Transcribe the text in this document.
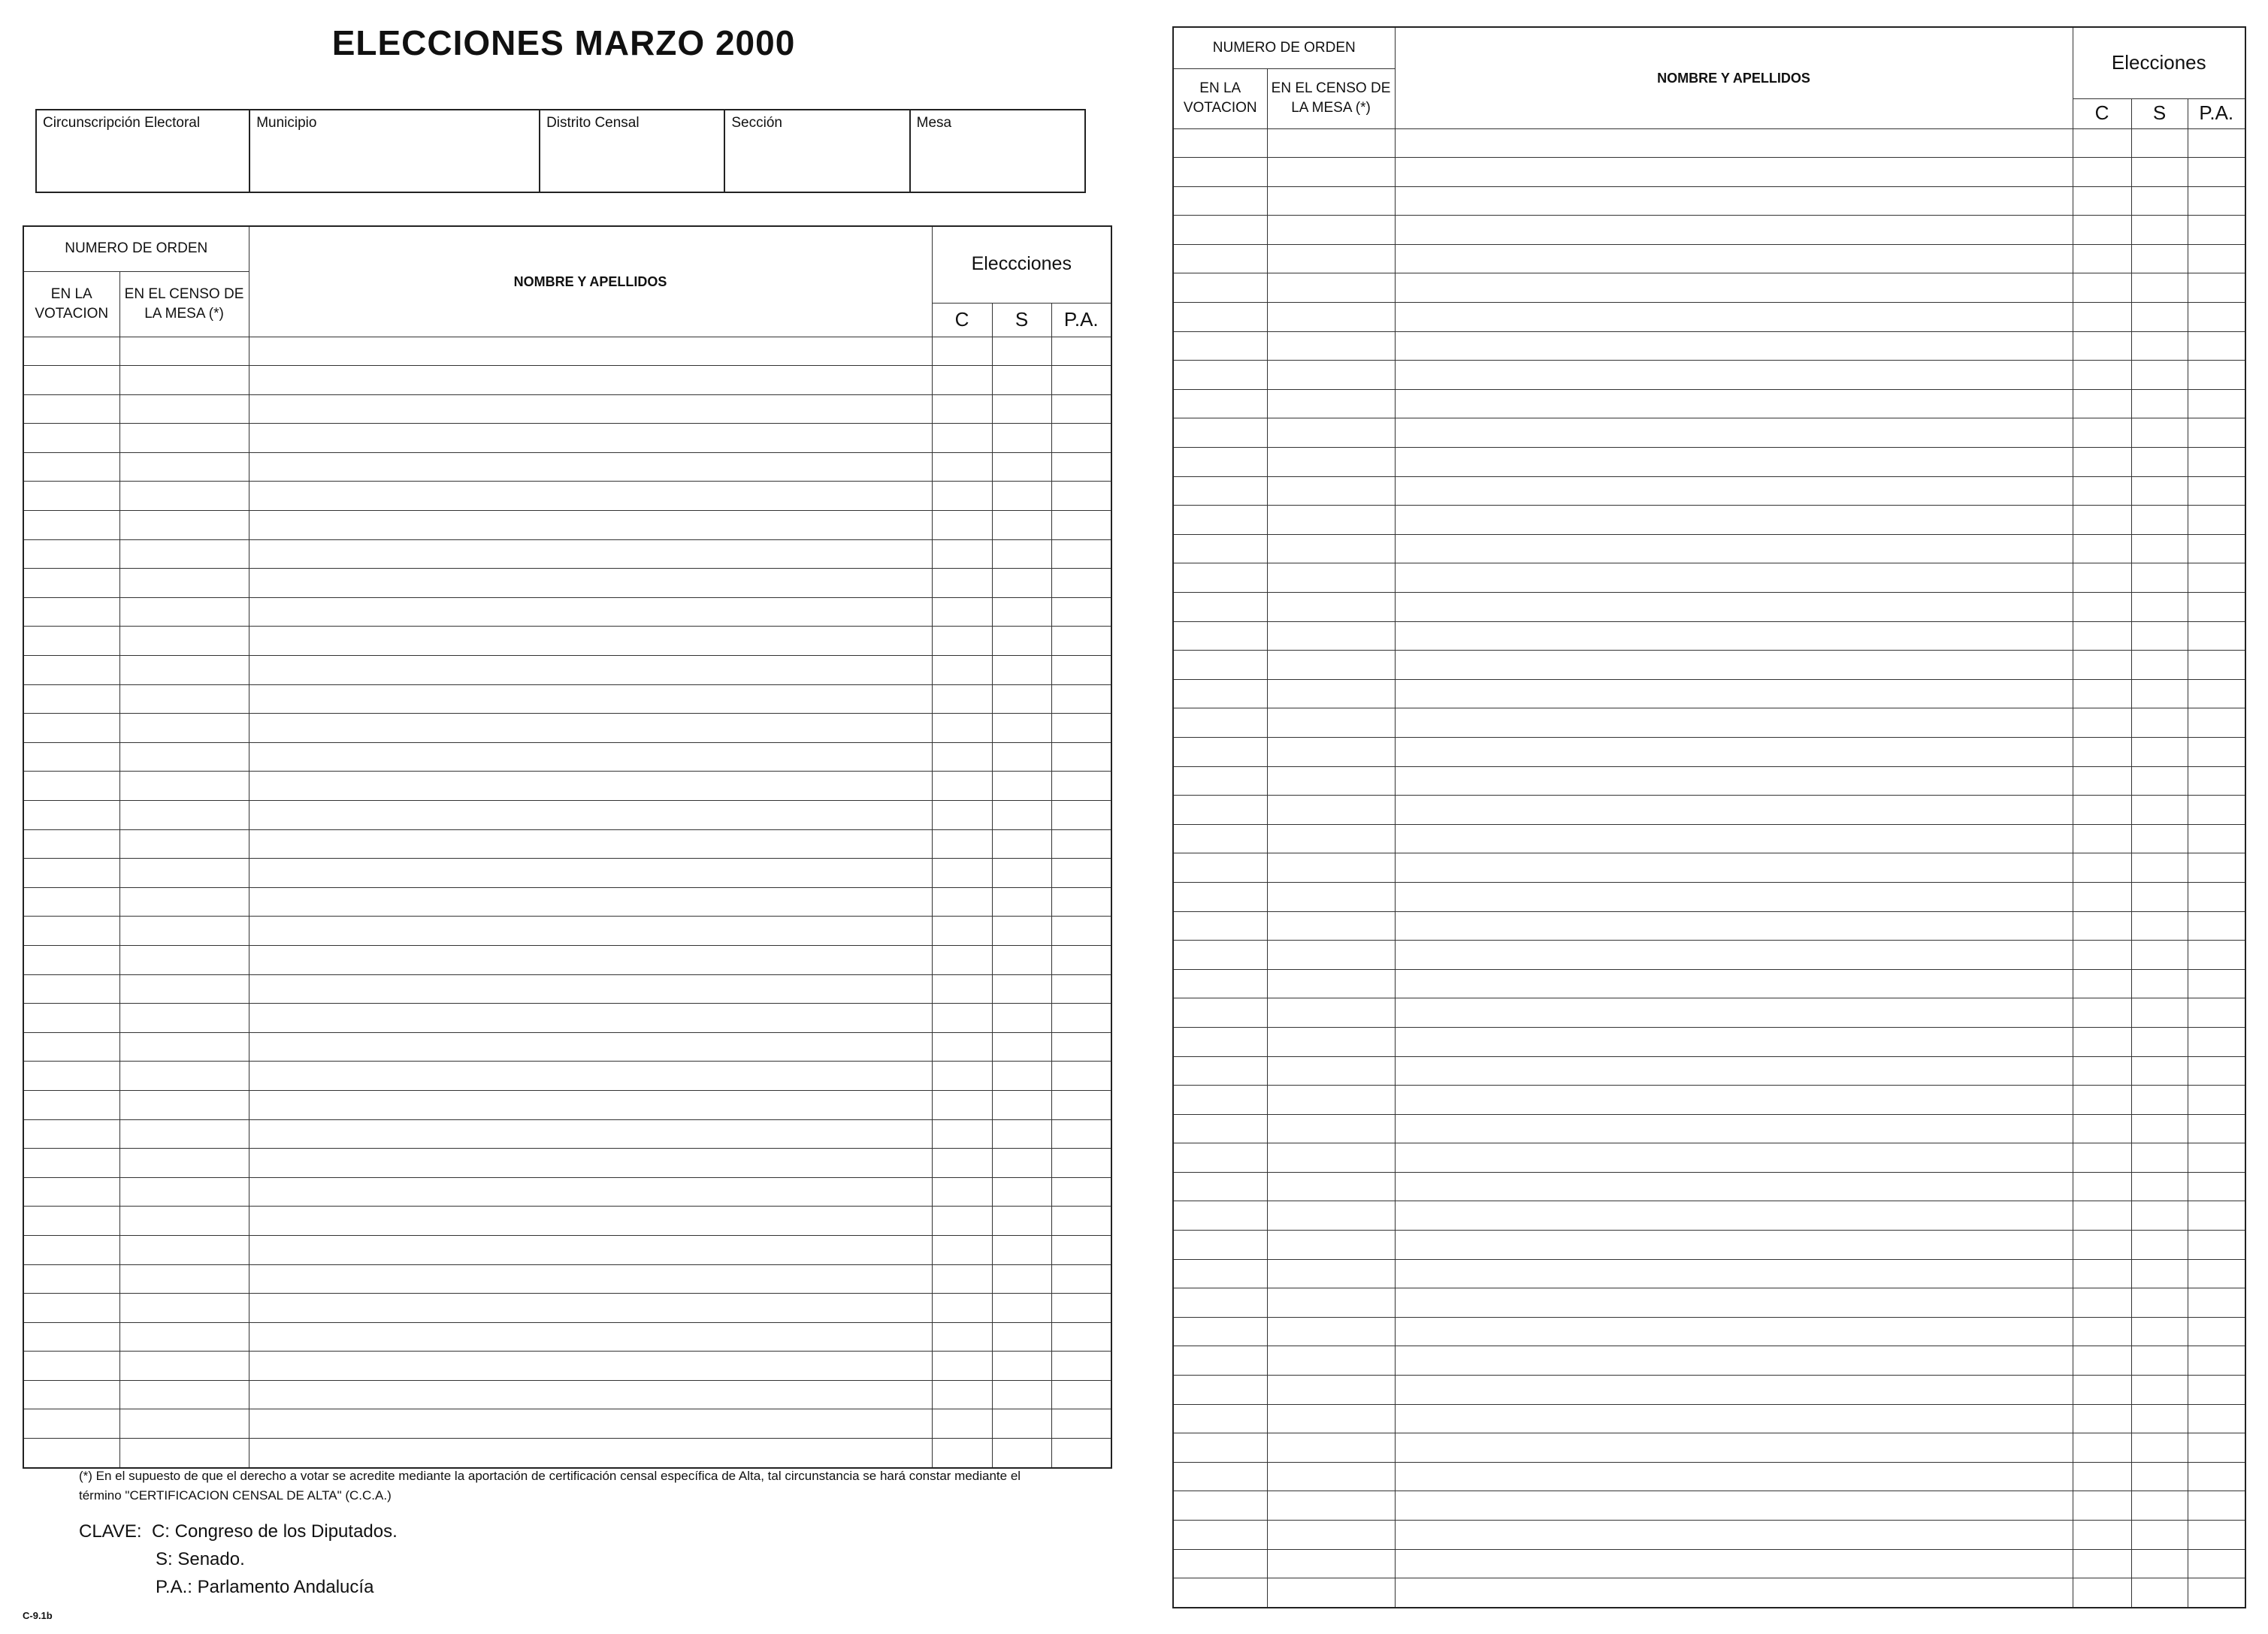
ELECCIONES MARZO 2000
Circunscripción Electoral	Municipio	Distrito Censal	Sección	Mesa
NUMERO DE ORDEN		NOMBRE Y APELLIDOS	Eleccciones		
EN LA VOTACION	EN EL CENSO DE LA MESA (*)				
			C	S	P.A.

NUMERO DE ORDEN		NOMBRE Y APELLIDOS	Elecciones		
EN LA VOTACION	EN EL CENSO DE LA MESA (*)				
			C	S	P.A.

(*) En el supuesto de que el derecho a votar se acredite mediante la aportación de certificación censal específica de Alta, tal circunstancia se hará constar mediante el término "CERTIFICACION CENSAL DE ALTA" (C.C.A.)
CLAVE: C: Congreso de los Diputados.
S: Senado.
P.A.: Parlamento Andalucía
C-9.1b
